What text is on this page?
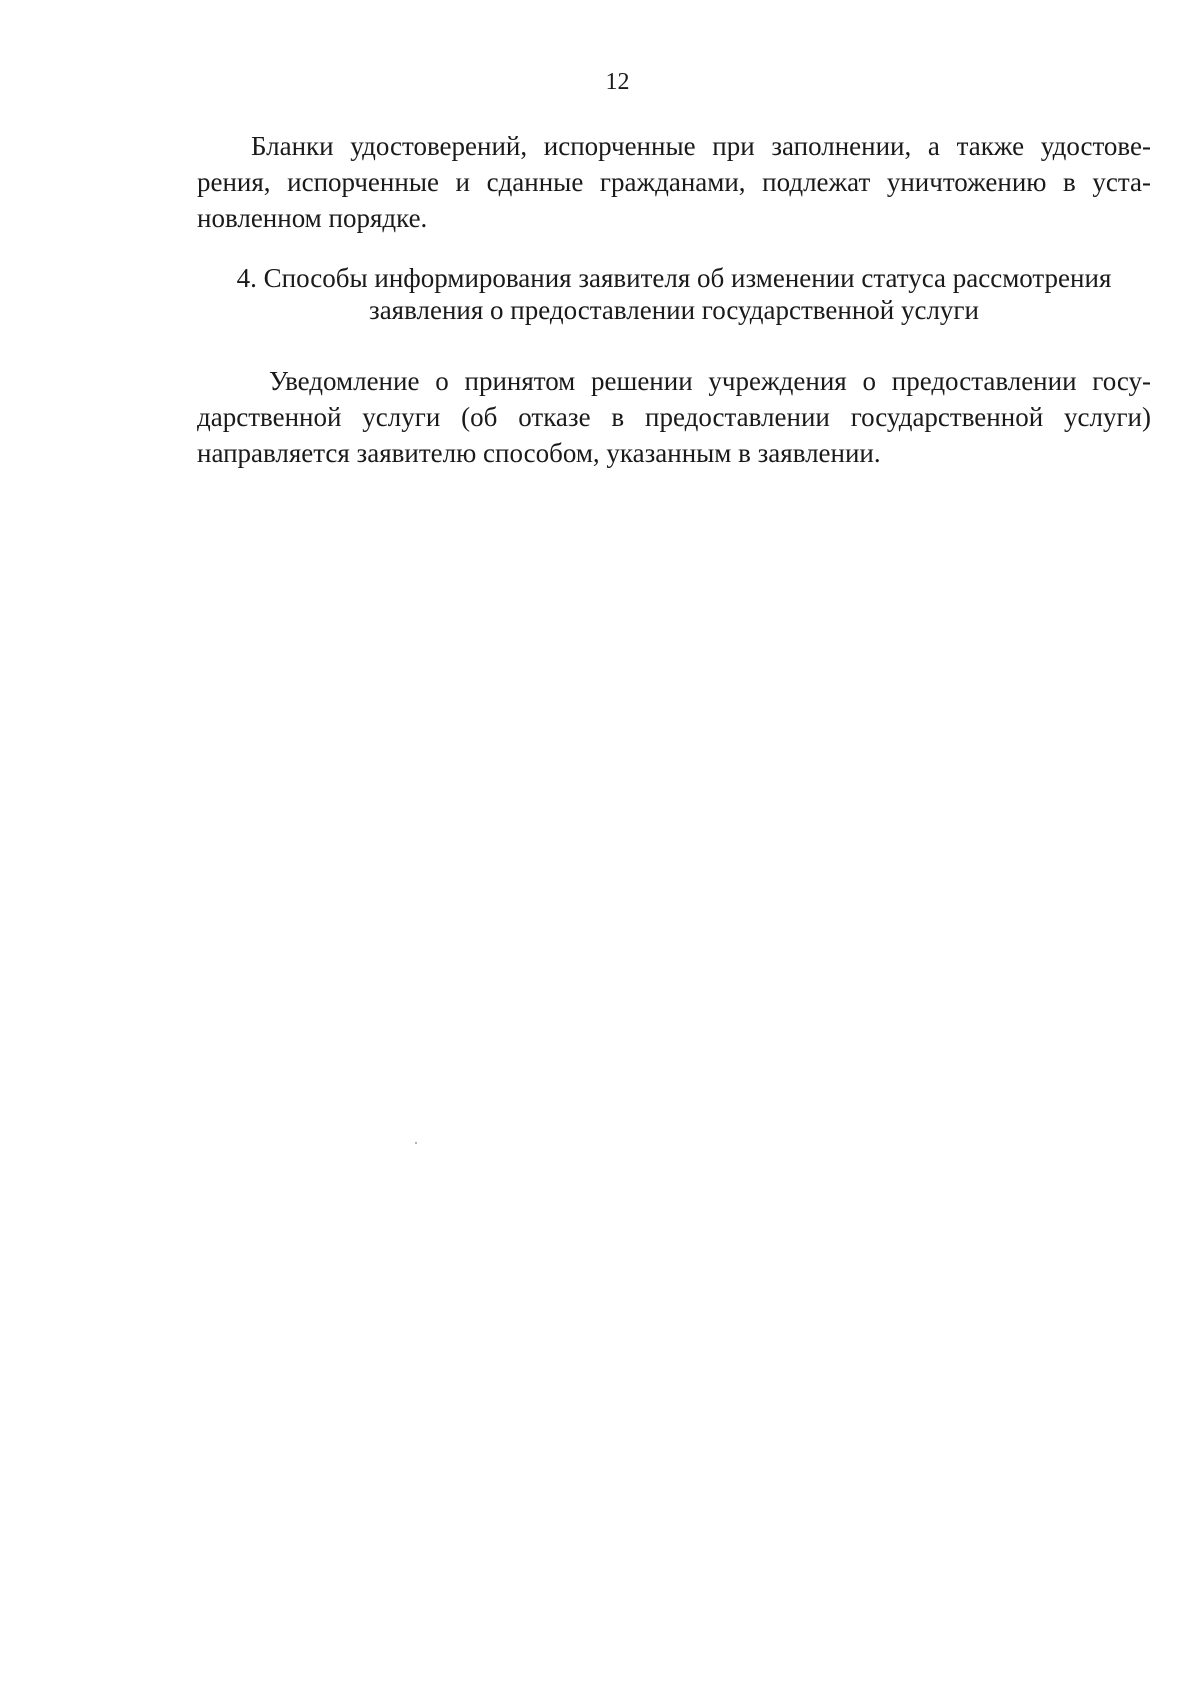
12
Бланки удостоверений, испорченные при заполнении, а также удостове-
рения, испорченные и сданные гражданами, подлежат уничтожению в уста-
новленном порядке.
4. Способы информирования заявителя об изменении статуса рассмотрения
заявления о предоставлении государственной услуги
Уведомление о принятом решении учреждения о предоставлении госу-
дарственной услуги (об отказе в предоставлении государственной услуги)
направляется заявителю способом, указанным в заявлении.
